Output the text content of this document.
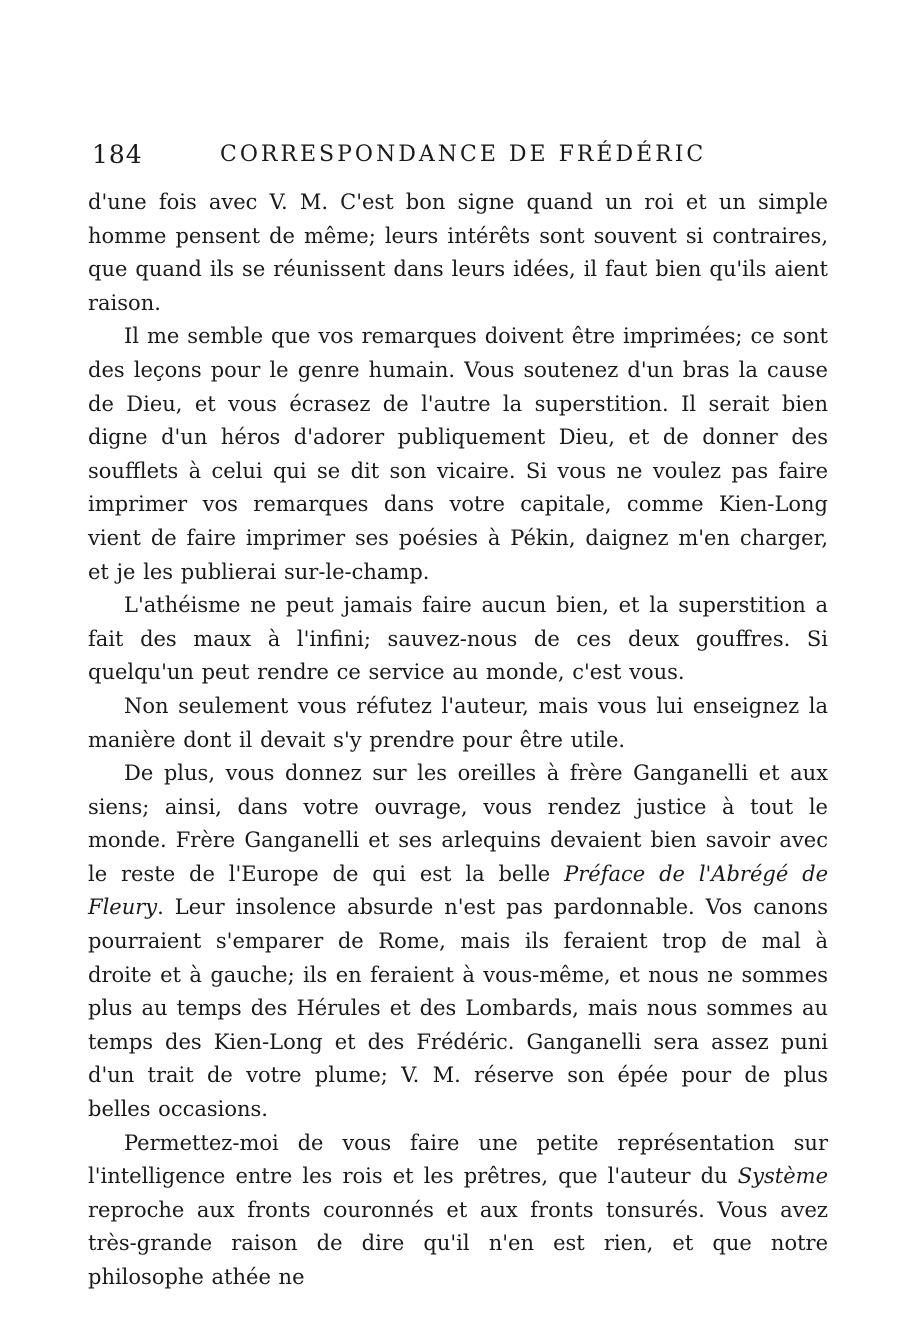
184	CORRESPONDANCE DE FRÉDÉRIC

d'une fois avec V. M. C'est bon signe quand un roi et un simple homme pensent de même; leurs intérêts sont souvent si contraires, que quand ils se réunissent dans leurs idées, il faut bien qu'ils aient raison.

Il me semble que vos remarques doivent être imprimées; ce sont des leçons pour le genre humain. Vous soutenez d'un bras la cause de Dieu, et vous écrasez de l'autre la superstition. Il serait bien digne d'un héros d'adorer publiquement Dieu, et de donner des soufflets à celui qui se dit son vicaire. Si vous ne voulez pas faire imprimer vos remarques dans votre capitale, comme Kien-Long vient de faire imprimer ses poésies à Pékin, daignez m'en charger, et je les publierai sur-le-champ.

L'athéisme ne peut jamais faire aucun bien, et la superstition a fait des maux à l'infini; sauvez-nous de ces deux gouffres. Si quelqu'un peut rendre ce service au monde, c'est vous.

Non seulement vous réfutez l'auteur, mais vous lui enseignez la manière dont il devait s'y prendre pour être utile.

De plus, vous donnez sur les oreilles à frère Ganganelli et aux siens; ainsi, dans votre ouvrage, vous rendez justice à tout le monde. Frère Ganganelli et ses arlequins devaient bien savoir avec le reste de l'Europe de qui est la belle Préface de l'Abrégé de Fleury. Leur insolence absurde n'est pas pardonnable. Vos canons pourraient s'emparer de Rome, mais ils feraient trop de mal à droite et à gauche; ils en feraient à vous-même, et nous ne sommes plus au temps des Hérules et des Lombards, mais nous sommes au temps des Kien-Long et des Frédéric. Ganganelli sera assez puni d'un trait de votre plume; V. M. réserve son épée pour de plus belles occasions.

Permettez-moi de vous faire une petite représentation sur l'intelligence entre les rois et les prêtres, que l'auteur du Système reproche aux fronts couronnés et aux fronts tonsurés. Vous avez très-grande raison de dire qu'il n'en est rien, et que notre philosophe athée ne
